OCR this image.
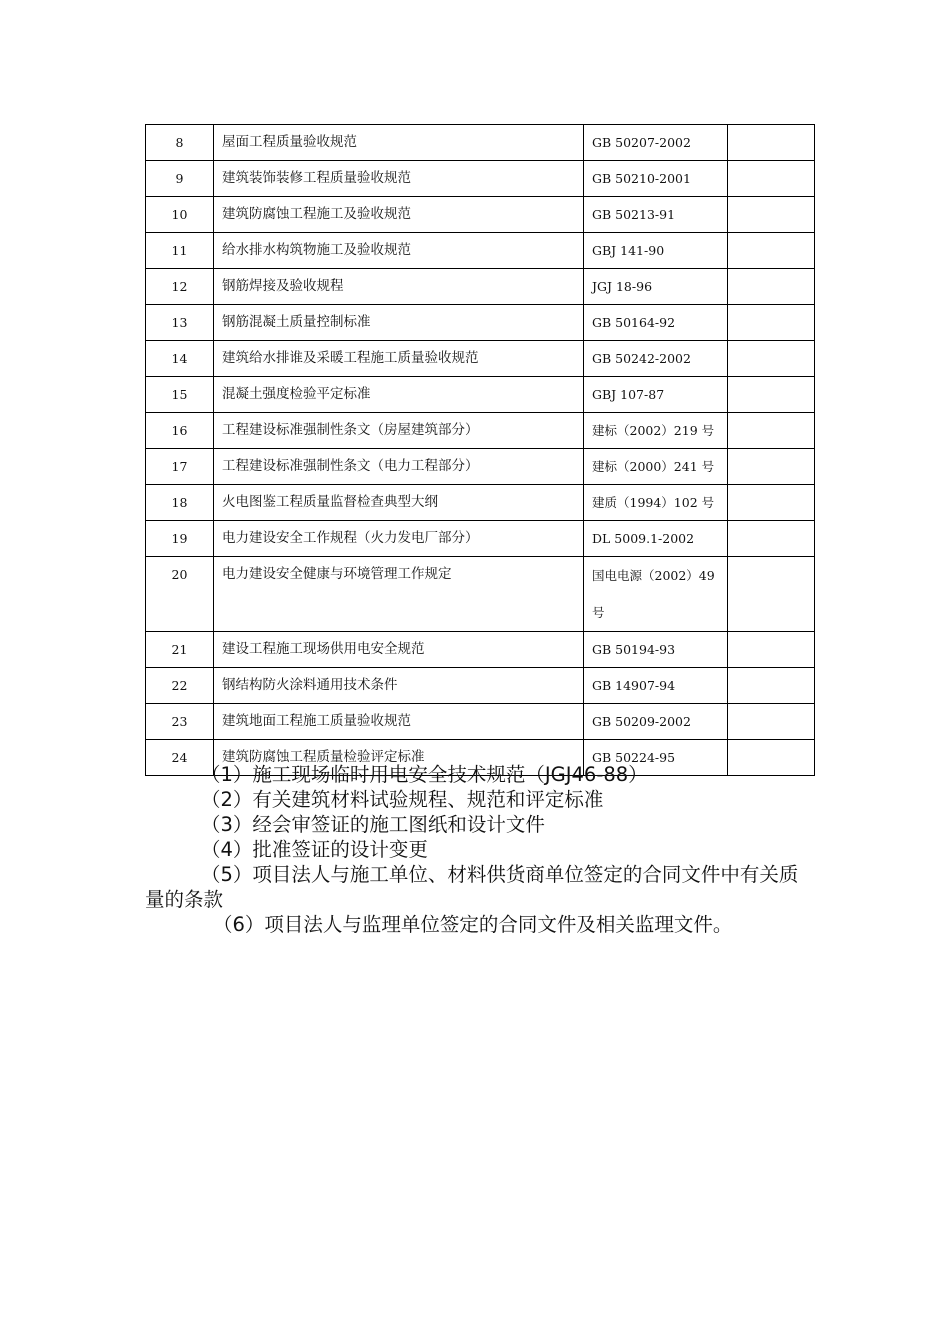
8	屋面工程质量验收规范	GB 50207-2002	
9	建筑装饰装修工程质量验收规范	GB 50210-2001	
10	建筑防腐蚀工程施工及验收规范	GB 50213-91	
11	给水排水构筑物施工及验收规范	GBJ 141-90	
12	钢筋焊接及验收规程	JGJ 18-96	
13	钢筋混凝土质量控制标准	GB 50164-92	
14	建筑给水排谁及采暖工程施工质量验收规范	GB 50242-2002	
15	混凝土强度检验平定标准	GBJ 107-87	
16	工程建设标准强制性条文（房屋建筑部分）	建标（2002）219 号	
17	工程建设标准强制性条文（电力工程部分）	建标（2000）241 号	
18	火电图鉴工程质量监督检查典型大纲	建质（1994）102 号	
19	电力建设安全工作规程（火力发电厂部分）	DL 5009.1-2002	
20	电力建设安全健康与环境管理工作规定	国电电源（2002）49 号	
21	建设工程施工现场供用电安全规范	GB 50194-93	
22	钢结构防火涂料通用技术条件	GB 14907-94	
23	建筑地面工程施工质量验收规范	GB 50209-2002	
24	建筑防腐蚀工程质量检验评定标准	GB 50224-95	

（1）施工现场临时用电安全技术规范（JGJ46-88）

（2）有关建筑材料试验规程、规范和评定标准

（3）经会审签证的施工图纸和设计文件

（4）批准签证的设计变更

（5）项目法人与施工单位、材料供货商单位签定的合同文件中有关质量的条款

（6）项目法人与监理单位签定的合同文件及相关监理文件。
